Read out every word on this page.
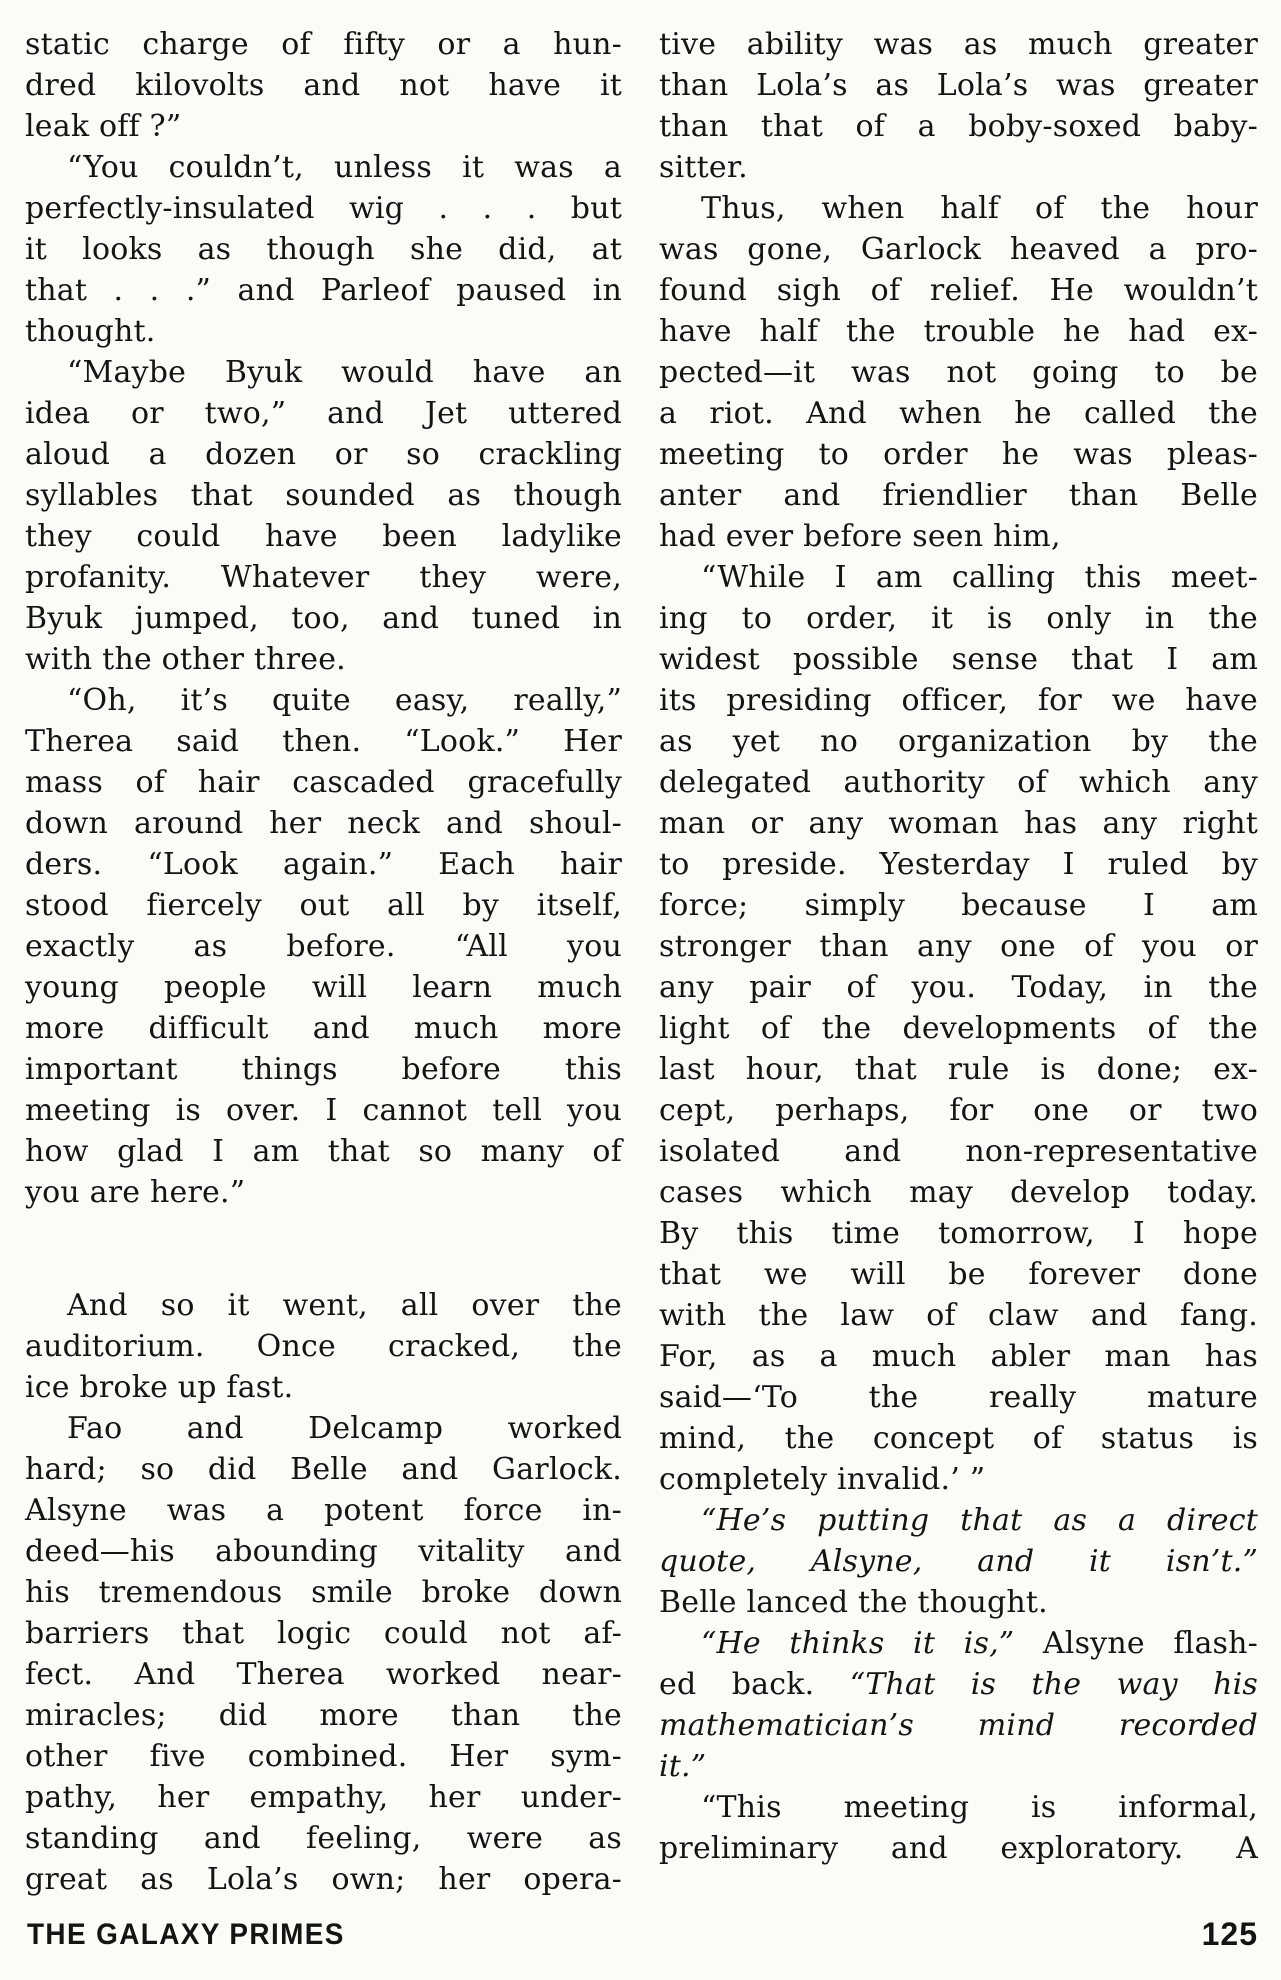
static charge of fifty or a hun-
dred kilovolts and not have it
leak off ?”
“You couldn’t, unless it was a
perfectly-insulated wig . . . but
it looks as though she did, at
that . . .” and Parleof paused in
thought.
“Maybe Byuk would have an
idea or two,” and Jet uttered
aloud a dozen or so crackling
syllables that sounded as though
they could have been ladylike
profanity. Whatever they were,
Byuk jumped, too, and tuned in
with the other three.
“Oh, it’s quite easy, really,”
Therea said then. “Look.” Her
mass of hair cascaded gracefully
down around her neck and shoul-
ders. “Look again.” Each hair
stood fiercely out all by itself,
exactly as before. “All you
young people will learn much
more difficult and much more
important things before this
meeting is over. I cannot tell you
how glad I am that so many of
you are here.”
And so it went, all over the
auditorium. Once cracked, the
ice broke up fast.
Fao and Delcamp worked
hard; so did Belle and Garlock.
Alsyne was a potent force in-
deed—his abounding vitality and
his tremendous smile broke down
barriers that logic could not af-
fect. And Therea worked near-
miracles; did more than the
other five combined. Her sym-
pathy, her empathy, her under-
standing and feeling, were as
great as Lola’s own; her opera-
tive ability was as much greater
than Lola’s as Lola’s was greater
than that of a boby-soxed baby-
sitter.
Thus, when half of the hour
was gone, Garlock heaved a pro-
found sigh of relief. He wouldn’t
have half the trouble he had ex-
pected—it was not going to be
a riot. And when he called the
meeting to order he was pleas-
anter and friendlier than Belle
had ever before seen him,
“While I am calling this meet-
ing to order, it is only in the
widest possible sense that I am
its presiding officer, for we have
as yet no organization by the
delegated authority of which any
man or any woman has any right
to preside. Yesterday I ruled by
force; simply because I am
stronger than any one of you or
any pair of you. Today, in the
light of the developments of the
last hour, that rule is done; ex-
cept, perhaps, for one or two
isolated and non-representative
cases which may develop today.
By this time tomorrow, I hope
that we will be forever done
with the law of claw and fang.
For, as a much abler man has
said—‘To the really mature
mind, the concept of status is
completely invalid.’ ”
“He’s putting that as a direct
quote, Alsyne, and it isn’t.”
Belle lanced the thought.
“He thinks it is,” Alsyne flash-
ed back. “That is the way his
mathematician’s mind recorded
it.”
“This meeting is informal,
preliminary and exploratory. A
THE GALAXY PRIMES	125
